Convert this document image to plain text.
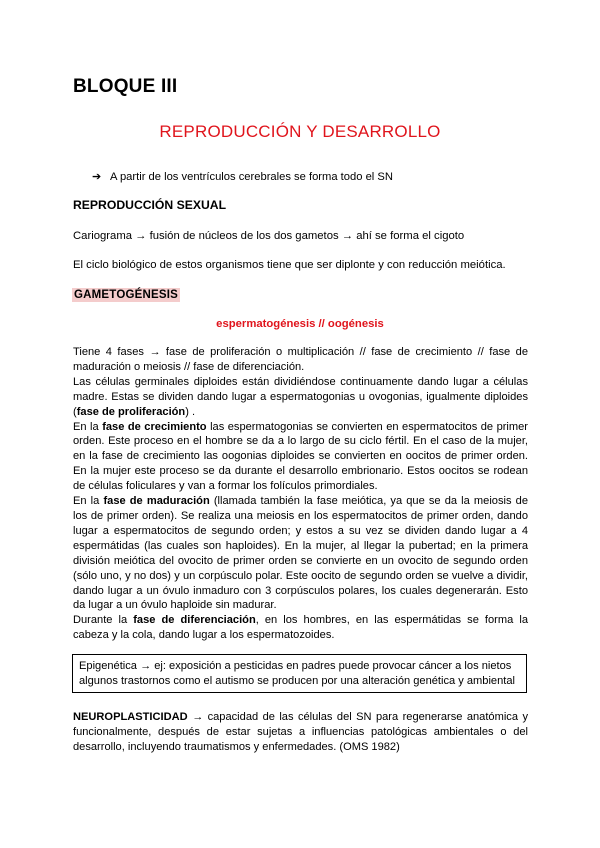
BLOQUE III
REPRODUCCIÓN Y DESARROLLO
➔ A partir de los ventrículos cerebrales se forma todo el SN
REPRODUCCIÓN SEXUAL
Cariograma → fusión de núcleos de los dos gametos → ahí se forma el cigoto
El ciclo biológico de estos organismos tiene que ser diplonte y con reducción meiótica.
GAMETOGÉNESIS
espermatogénesis // oogénesis

Tiene 4 fases → fase de proliferación o multiplicación // fase de crecimiento // fase de maduración o meiosis // fase de diferenciación.

Las células germinales diploides están dividiéndose continuamente dando lugar a células madre. Estas se dividen dando lugar a espermatogonias u ovogonias, igualmente diploides (fase de proliferación) .

En la fase de crecimiento las espermatogonias se convierten en espermatocitos de primer orden. Este proceso en el hombre se da a lo largo de su ciclo fértil. En el caso de la mujer, en la fase de crecimiento las oogonias diploides se convierten en oocitos de primer orden. En la mujer este proceso se da durante el desarrollo embrionario. Estos oocitos se rodean de células foliculares y van a formar los folículos primordiales.

En la fase de maduración (llamada también la fase meiótica, ya que se da la meiosis de los de primer orden). Se realiza una meiosis en los espermatocitos de primer orden, dando lugar a espermatocitos de segundo orden; y estos a su vez se dividen dando lugar a 4 espermátidas (las cuales son haploides). En la mujer, al llegar la pubertad; en la primera división meiótica del ovocito de primer orden se convierte en un ovocito de segundo orden (sólo uno, y no dos) y un corpúsculo polar. Este oocito de segundo orden se vuelve a dividir, dando lugar a un óvulo inmaduro con 3 corpúsculos polares, los cuales degenerarán. Esto da lugar a un óvulo haploide sin madurar.

Durante la fase de diferenciación, en los hombres, en las espermátidas se forma la cabeza y la cola, dando lugar a los espermatozoides.

Epigenética → ej: exposición a pesticidas en padres puede provocar cáncer a los nietos

algunos trastornos como el autismo se producen por una alteración genética y ambiental

NEUROPLASTICIDAD → capacidad de las células del SN para regenerarse anatómica y funcionalmente, después de estar sujetas a influencias patológicas ambientales o del desarrollo, incluyendo traumatismos y enfermedades. (OMS 1982)
